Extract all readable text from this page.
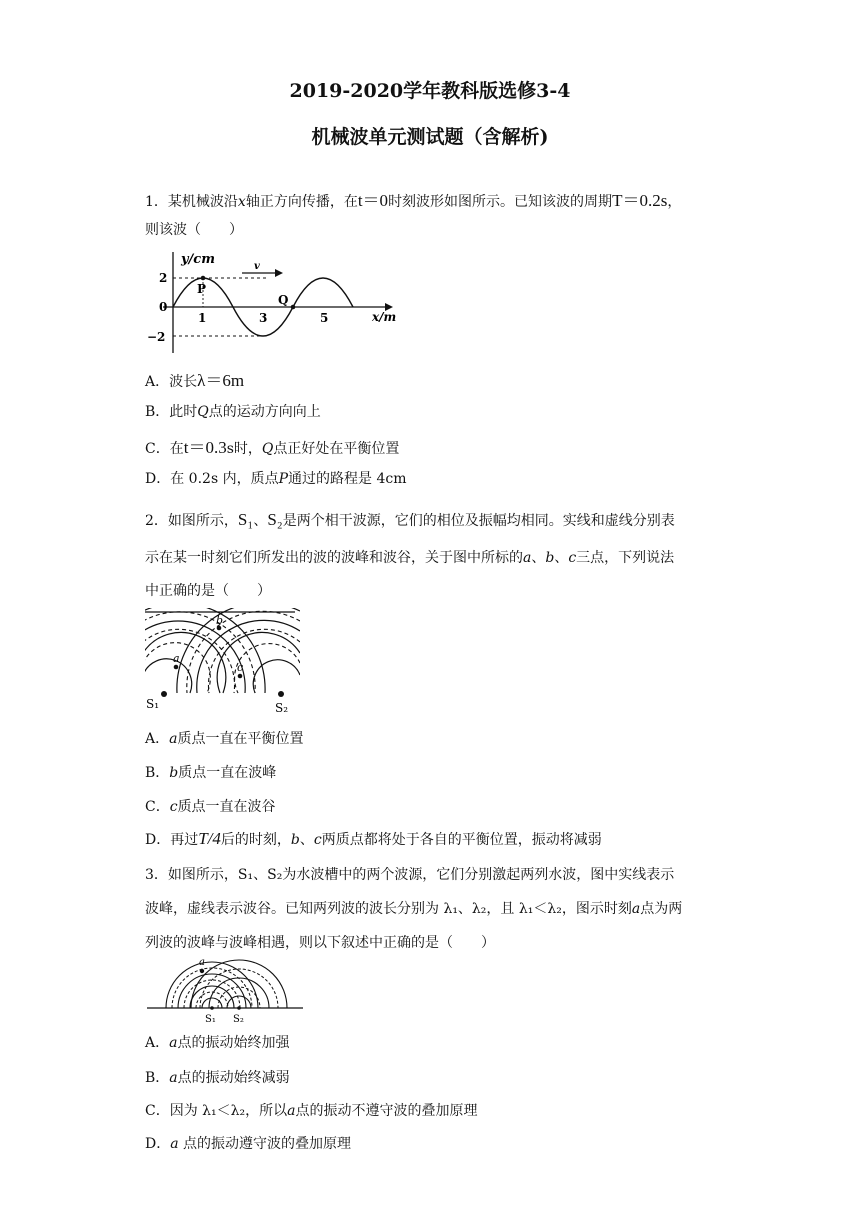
2019-2020学年教科版选修3-4
机械波单元测试题（含解析)
1．某机械波沿x轴正方向传播，在t＝0时刻波形如图所示。已知该波的周期T＝0.2s，
则该波（　　）
y/cm
x/m
2
0
−2
1	3	5
v
P
Q
A．波长λ＝6m
B．此时Q点的运动方向向上
C．在t＝0.3s时，Q点正好处在平衡位置
D．在 0.2s 内，质点P通过的路程是 4cm
2．如图所示，S₁、S₂是两个相干波源，它们的相位及振幅均相同。实线和虚线分别表
示在某一时刻它们所发出的波的波峰和波谷，关于图中所标的a、b、c三点，下列说法
中正确的是（　　）
a
b
c
S₁	S₂
A．a质点一直在平衡位置
B．b质点一直在波峰
C．c质点一直在波谷
D．再过T/4后的时刻，b、c两质点都将处于各自的平衡位置，振动将减弱
3．如图所示，S₁、S₂为水波槽中的两个波源，它们分别激起两列水波，图中实线表示
波峰，虚线表示波谷。已知两列波的波长分别为 λ₁、λ₂，且 λ₁＜λ₂，图示时刻a点为两
列波的波峰与波峰相遇，则以下叙述中正确的是（　　）
a
S₁ S₂
A．a点的振动始终加强
B．a点的振动始终减弱
C．因为 λ₁＜λ₂，所以a点的振动不遵守波的叠加原理
D．a 点的振动遵守波的叠加原理
